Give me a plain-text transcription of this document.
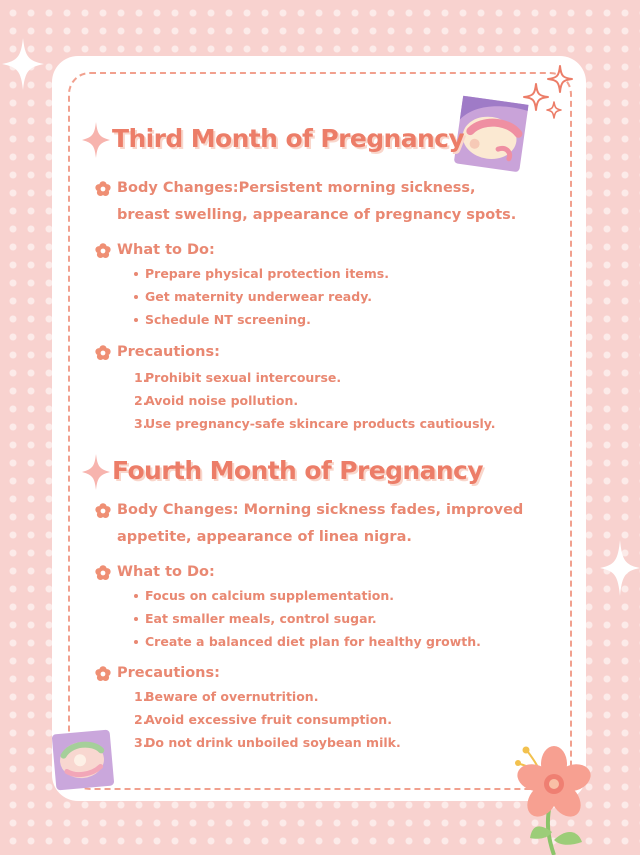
Third Month of Pregnancy
Body Changes:Persistent morning sickness,
breast swelling, appearance of pregnancy spots.
What to Do:
Prepare physical protection items.
Get maternity underwear ready.
Schedule NT screening.
Precautions:
1.
Prohibit sexual intercourse.
2.
Avoid noise pollution.
3.
Use pregnancy-safe skincare products cautiously.
Fourth Month of Pregnancy
Body Changes: Morning sickness fades, improved
appetite, appearance of linea nigra.
What to Do:
Focus on calcium supplementation.
Eat smaller meals, control sugar.
Create a balanced diet plan for healthy growth.
Precautions:
1.
Beware of overnutrition.
2.
Avoid excessive fruit consumption.
3.
Do not drink unboiled soybean milk.
